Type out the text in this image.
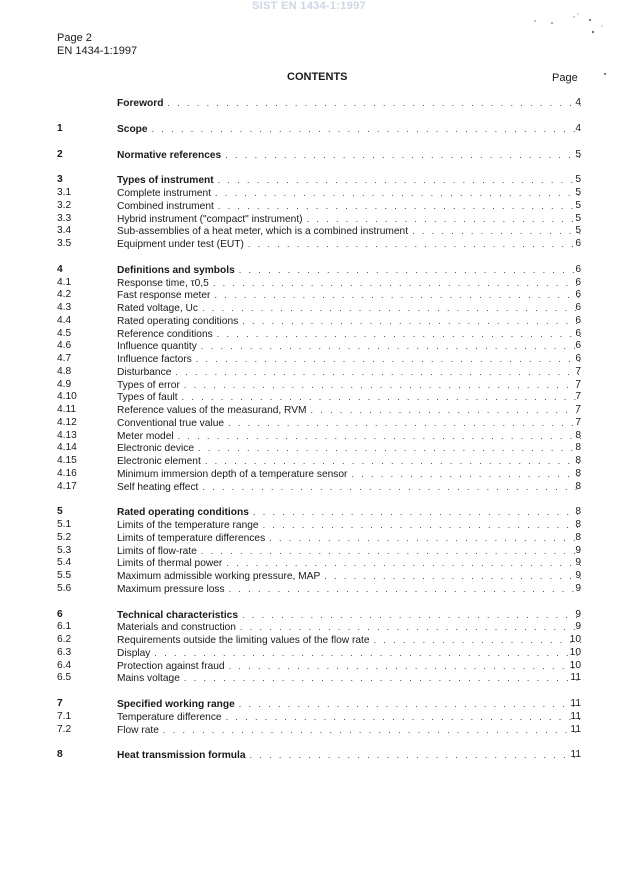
SIST EN 1434-1:1997
Page 2
EN 1434-1:1997
CONTENTS	Page
Foreword . . .	4
1	Scope . . .	4
2	Normative references . . .	5
3	Types of instrument . . .	5
3.1	Complete instrument . . .	5
3.2	Combined instrument . . .	5
3.3	Hybrid instrument ("compact" instrument) . . .	5
3.4	Sub-assemblies of a heat meter, which is a combined instrument . . .	5
3.5	Equipment under test (EUT) . . .	6
4	Definitions and symbols . . .	6
4.1	Response time, τ0,5 . . .	6
4.2	Fast response meter . . .	6
4.3	Rated voltage, Uc . . .	6
4.4	Rated operating conditions . . .	6
4.5	Reference conditions . . .	6
4.6	Influence quantity . . .	6
4.7	Influence factors . . .	6
4.8	Disturbance . . .	7
4.9	Types of error . . .	7
4.10	Types of fault . . .	7
4.11	Reference values of the measurand, RVM . . .	7
4.12	Conventional true value . . .	7
4.13	Meter model . . .	8
4.14	Electronic device . . .	8
4.15	Electronic element . . .	8
4.16	Minimum immersion depth of a temperature sensor . . .	8
4.17	Self heating effect . . .	8
5	Rated operating conditions . . .	8
5.1	Limits of the temperature range . . .	8
5.2	Limits of temperature differences . . .	8
5.3	Limits of flow-rate . . .	9
5.4	Limits of thermal power . . .	9
5.5	Maximum admissible working pressure, MAP . . .	9
5.6	Maximum pressure loss . . .	9
6	Technical characteristics . . .	9
6.1	Materials and construction . . .	9
6.2	Requirements outside the limiting values of the flow rate . . .	10
6.3	Display . . .	10
6.4	Protection against fraud . . .	10
6.5	Mains voltage . . .	11
7	Specified working range . . .	11
7.1	Temperature difference . . .	11
7.2	Flow rate . . .	11
8	Heat transmission formula . . .	11
